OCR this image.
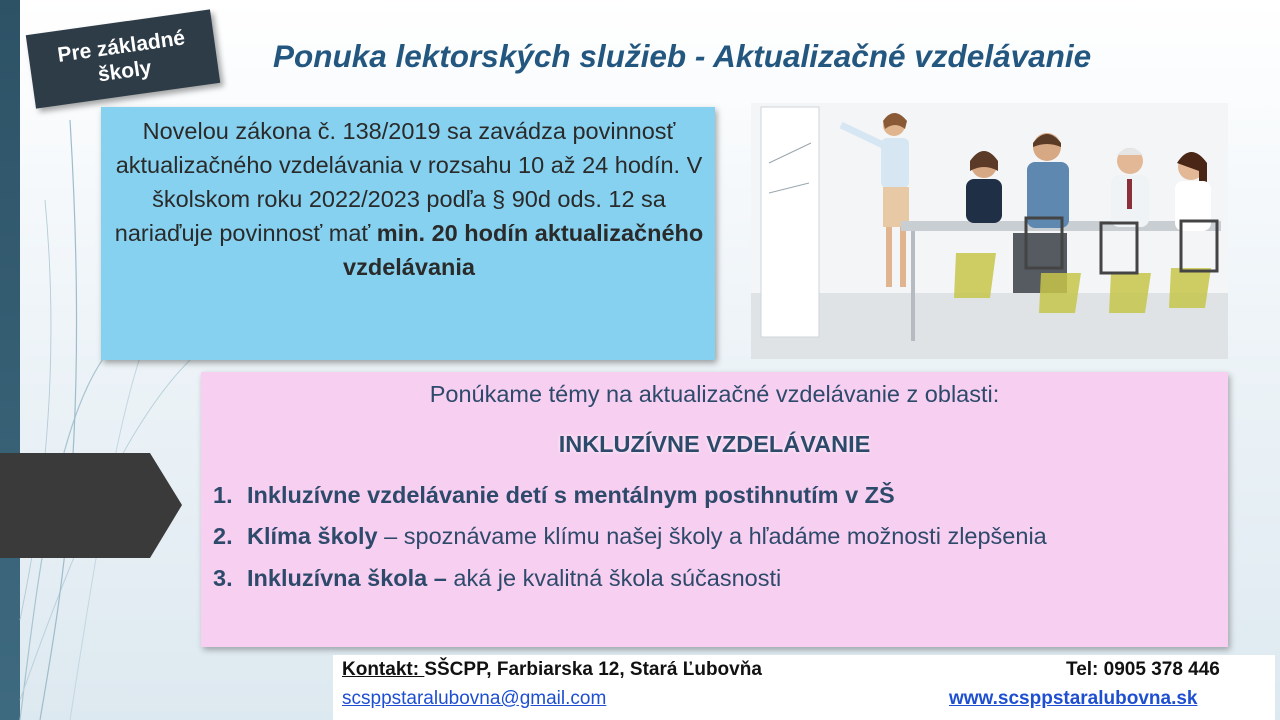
Pre základné školy	Ponuka lektorských služieb - Aktualizačné vzdelávanie
Novelou zákona č. 138/2019 sa zavádza povinnosť aktualizačného vzdelávania v rozsahu 10 až 24 hodín. V školskom roku 2022/2023 podľa § 90d ods. 12 sa nariaďuje povinnosť mať min. 20 hodín aktualizačného vzdelávania
Ponúkame témy na aktualizačné vzdelávanie z oblasti:
INKLUZÍVNE VZDELÁVANIE
1. Inkluzívne vzdelávanie detí s mentálnym postihnutím v ZŠ
2. Klíma školy – spoznávame klímu našej školy a hľadáme možnosti zlepšenia
3. Inkluzívna škola – aká je kvalitná škola súčasnosti
Kontakt: SŠCPP, Farbiarska 12, Stará Ľubovňa	Tel: 0905 378 446
scsppstaralubovna@gmail.com	www.scsppstaralubovna.sk
